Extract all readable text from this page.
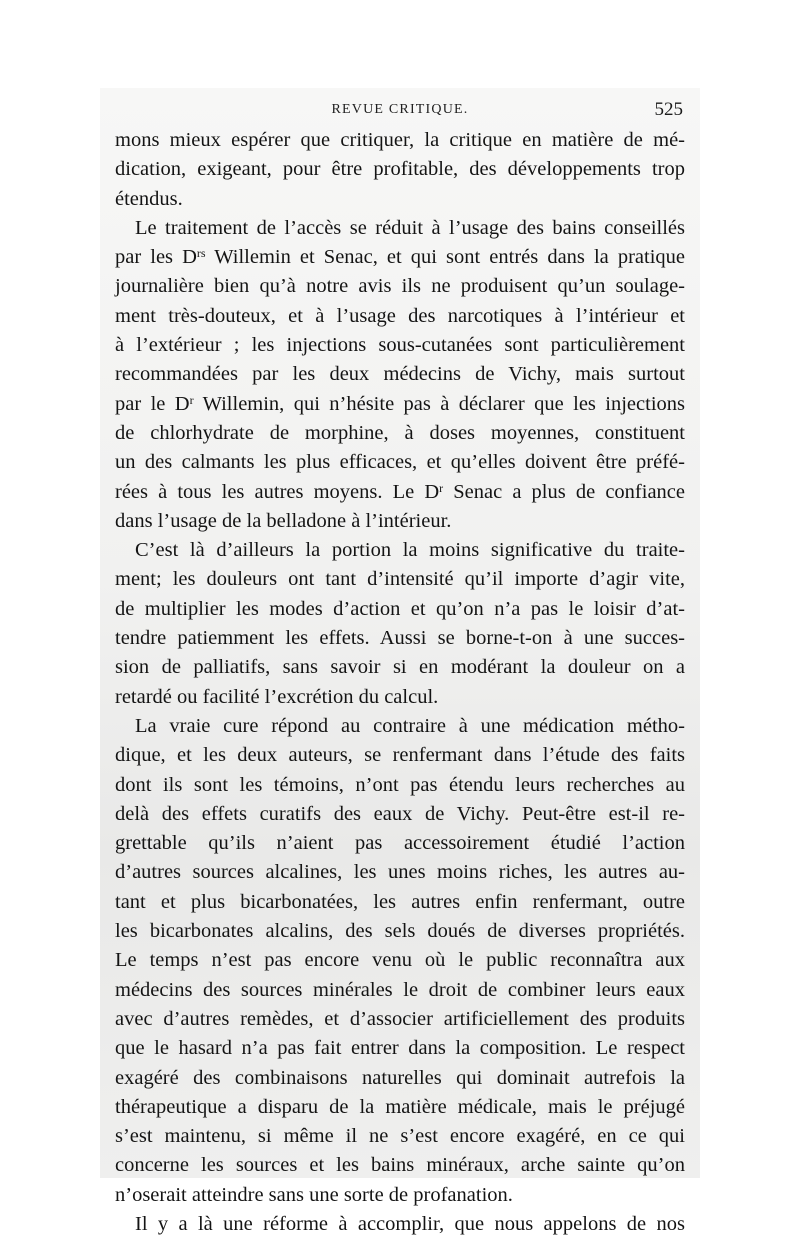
REVUE CRITIQUE.	525
mons mieux espérer que critiquer, la critique en matière de mé-
dication, exigeant, pour être profitable, des développements trop
étendus.
Le traitement de l’accès se réduit à l’usage des bains conseillés
par les $D^{rs}$ Willemin et Senac, et qui sont entrés dans la pratique
journalière bien qu’à notre avis ils ne produisent qu’un soulage-
ment très-douteux, et à l’usage des narcotiques à l’intérieur et
à l’extérieur ; les injections sous-cutanées sont particulièrement
recommandées par les deux médecins de Vichy, mais surtout
par le $D^r$ Willemin, qui n’hésite pas à déclarer que les injections
de chlorhydrate de morphine, à doses moyennes, constituent
un des calmants les plus efficaces, et qu’elles doivent être préfé-
rées à tous les autres moyens. Le $D^r$ Senac a plus de confiance
dans l’usage de la belladone à l’intérieur.
C’est là d’ailleurs la portion la moins significative du traite-
ment; les douleurs ont tant d’intensité qu’il importe d’agir vite,
de multiplier les modes d’action et qu’on n’a pas le loisir d’at-
tendre patiemment les effets. Aussi se borne-t-on à une succes-
sion de palliatifs, sans savoir si en modérant la douleur on a
retardé ou facilité l’excrétion du calcul.
La vraie cure répond au contraire à une médication métho-
dique, et les deux auteurs, se renfermant dans l’étude des faits
dont ils sont les témoins, n’ont pas étendu leurs recherches au
delà des effets curatifs des eaux de Vichy. Peut-être est-il re-
grettable qu’ils n’aient pas accessoirement étudié l’action
d’autres sources alcalines, les unes moins riches, les autres au-
tant et plus bicarbonatées, les autres enfin renfermant, outre
les bicarbonates alcalins, des sels doués de diverses propriétés.
Le temps n’est pas encore venu où le public reconnaîtra aux
médecins des sources minérales le droit de combiner leurs eaux
avec d’autres remèdes, et d’associer artificiellement des produits
que le hasard n’a pas fait entrer dans la composition. Le respect
exagéré des combinaisons naturelles qui dominait autrefois la
thérapeutique a disparu de la matière médicale, mais le préjugé
s’est maintenu, si même il ne s’est encore exagéré, en ce qui
concerne les sources et les bains minéraux, arche sainte qu’on
n’oserait atteindre sans une sorte de profanation.
Il y a là une réforme à accomplir, que nous appelons de nos
